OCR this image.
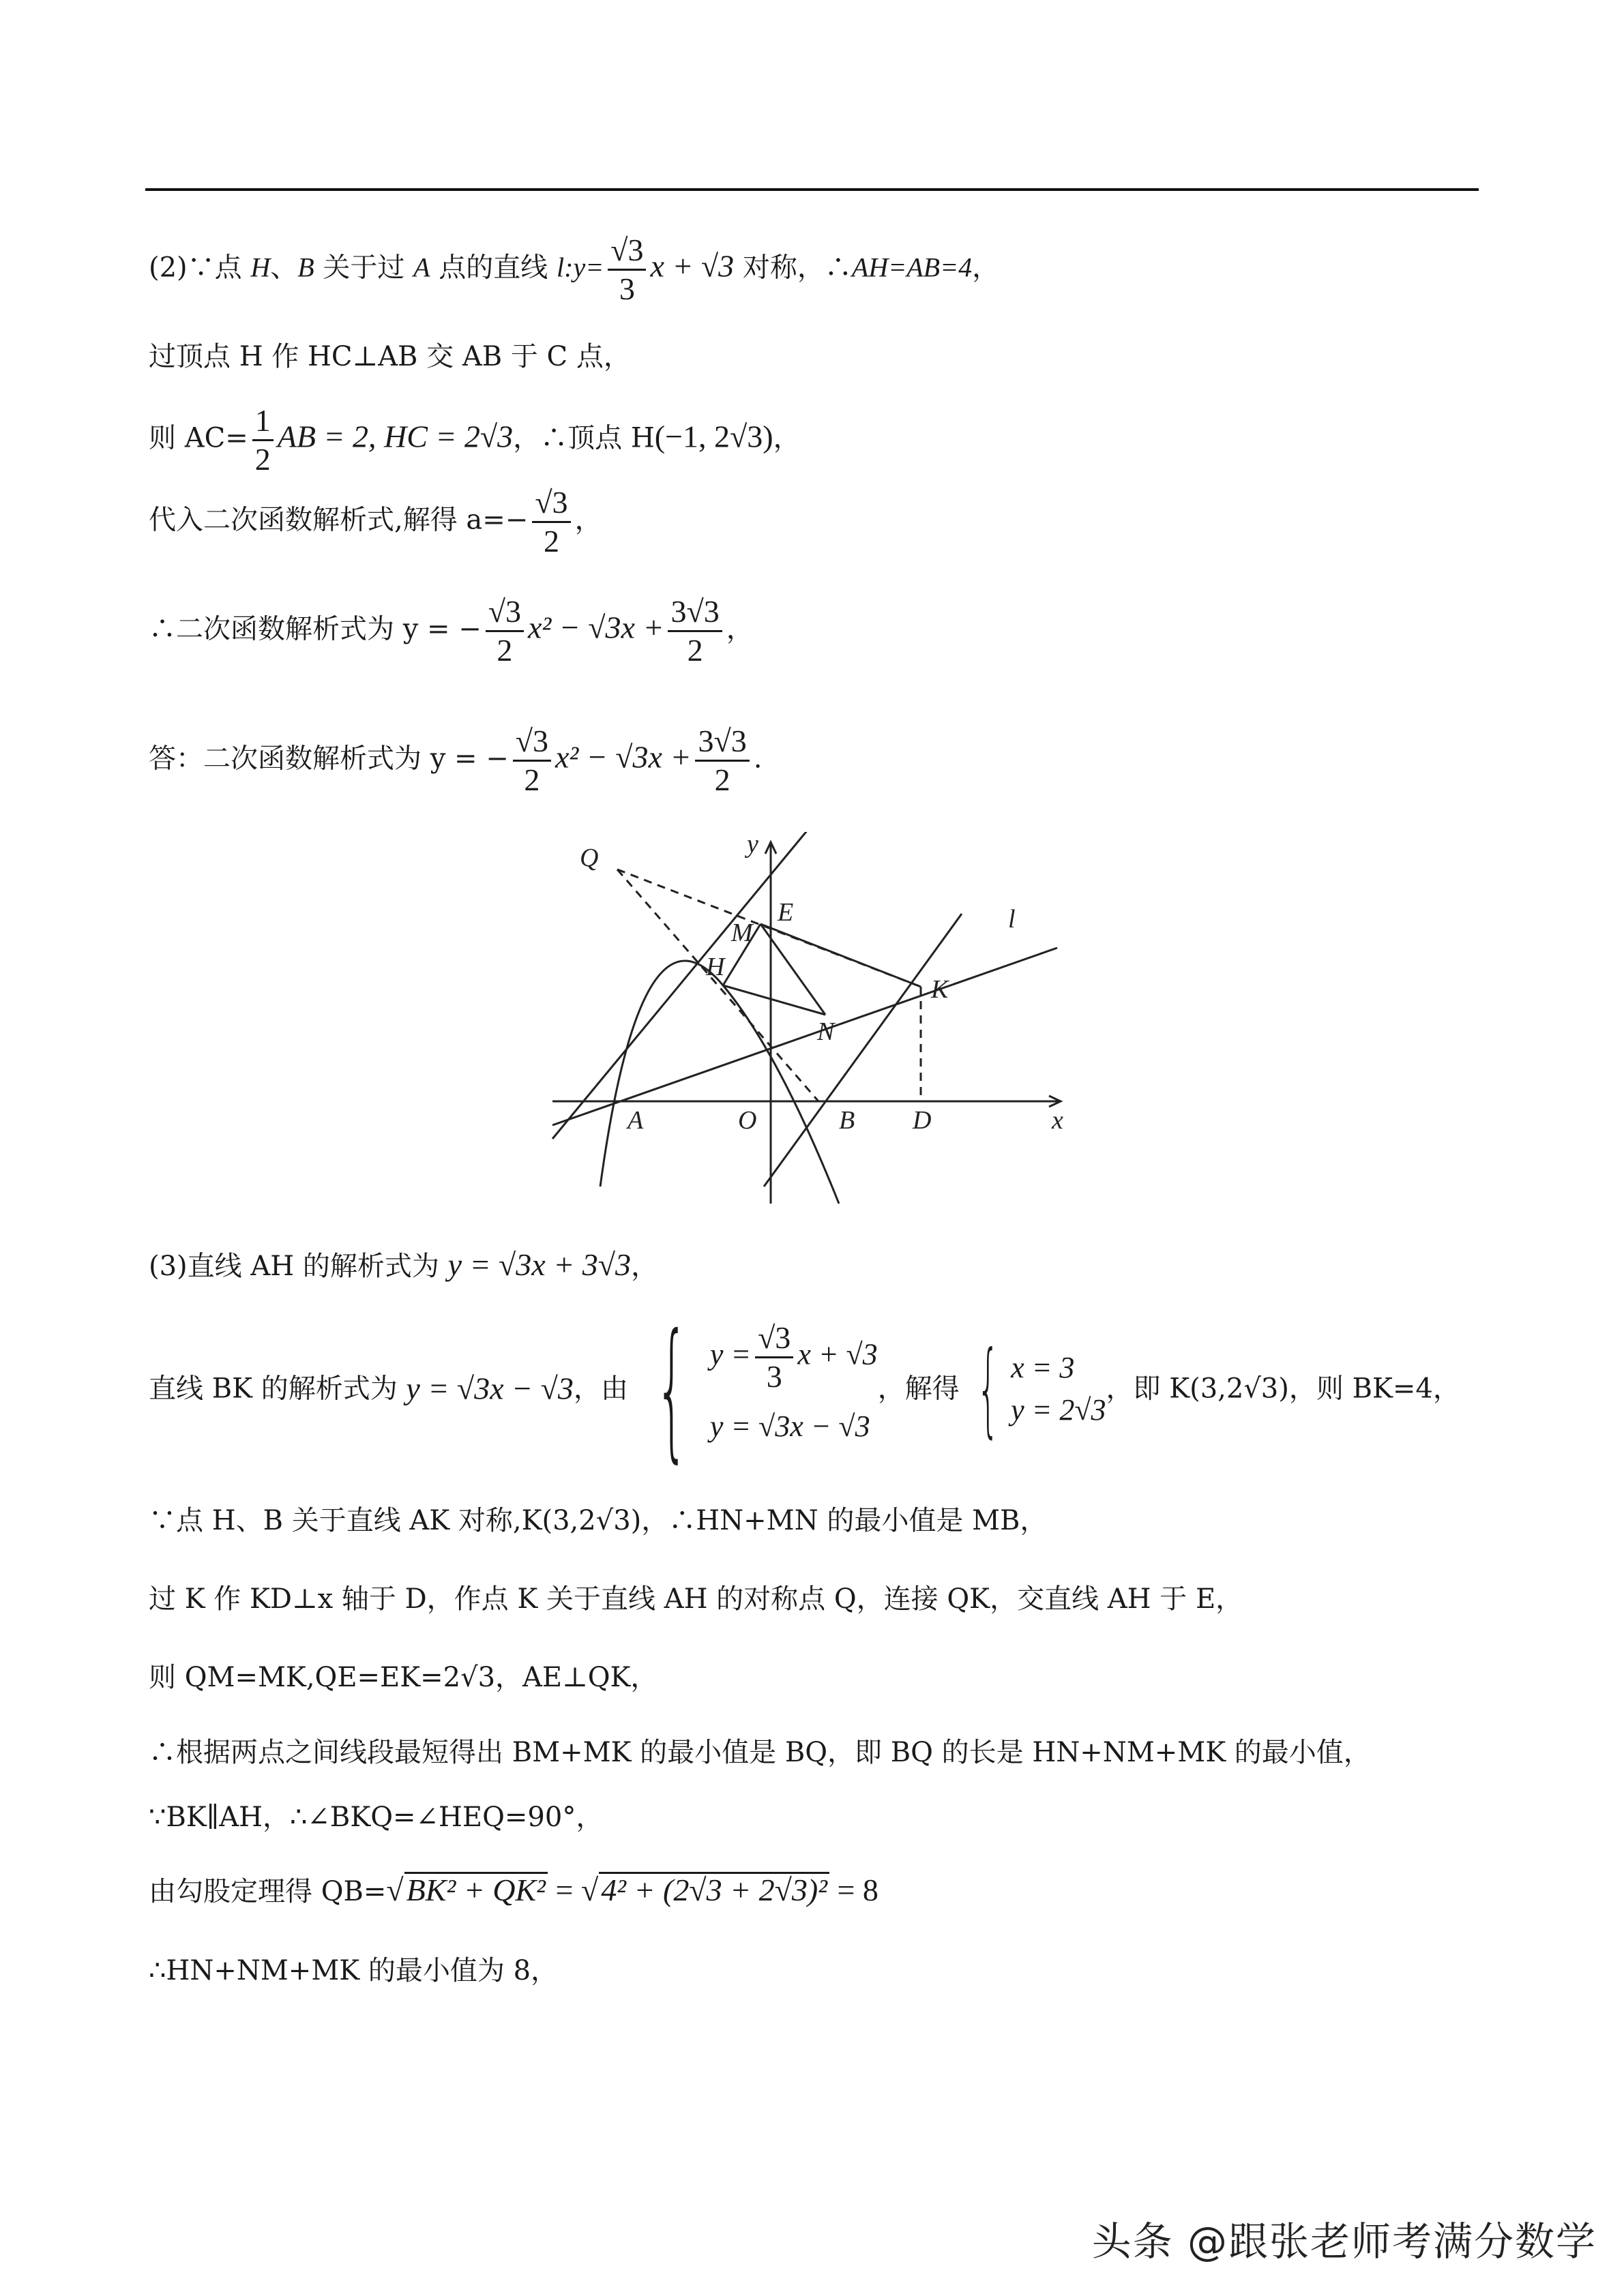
(2)∵点 H、B 关于过 A 点的直线 l:y= $\frac{√3}{3}$ x + √3 对称，∴AH=AB=4，
过顶点 H 作 HC⊥AB 交 AB 于 C 点，
则 $AC= \frac{1}{2}$ AB = 2, HC = 2√3，∴顶点 H(−1, 2√3)，
代入二次函数解析式,解得 $a=- \frac{√3}{2}$ ，
∴二次函数解析式为 y = − $\frac{√3}{2} x^2 - √3x + \frac{3√3}{2}$ ，
答：二次函数解析式为 y = − $\frac{√3}{2} x^2 - √3x + \frac{3√3}{2}$ .
Q	y
E
M	l
H
K
N
A	O	B D	x
(3)直线 AH 的解析式为 y = √3x + 3√3，
直线 BK 的解析式为 y = √3x − √3，由 { $y = \frac{√3}{3}$ x + √3
y = √3x − √3
，解得 { x = 3
y = 2√3
，即 K(3,2√3)，则 BK=4，
∵点 H、B 关于直线 AK 对称,K(3,2√3)，∴HN+MN 的最小值是 MB，
过 K 作 KD⊥x 轴于 D，作点 K 关于直线 AH 的对称点 Q，连接 QK，交直线 AH 于 E，
则 QM=MK,QE=EK=2√3，AE⊥QK，
∴根据两点之间线段最短得出 BM+MK 的最小值是 BQ，即 BQ 的长是 HN+NM+MK 的最小值，
∵BK∥AH，∴∠BKQ=∠HEQ=90°，
由勾股定理得 QB=√ BK² + QK² = √ 4² + (2√3 + 2√3)² = 8
∴HN+NM+MK 的最小值为 8，
头条 @跟张老师考满分数学
